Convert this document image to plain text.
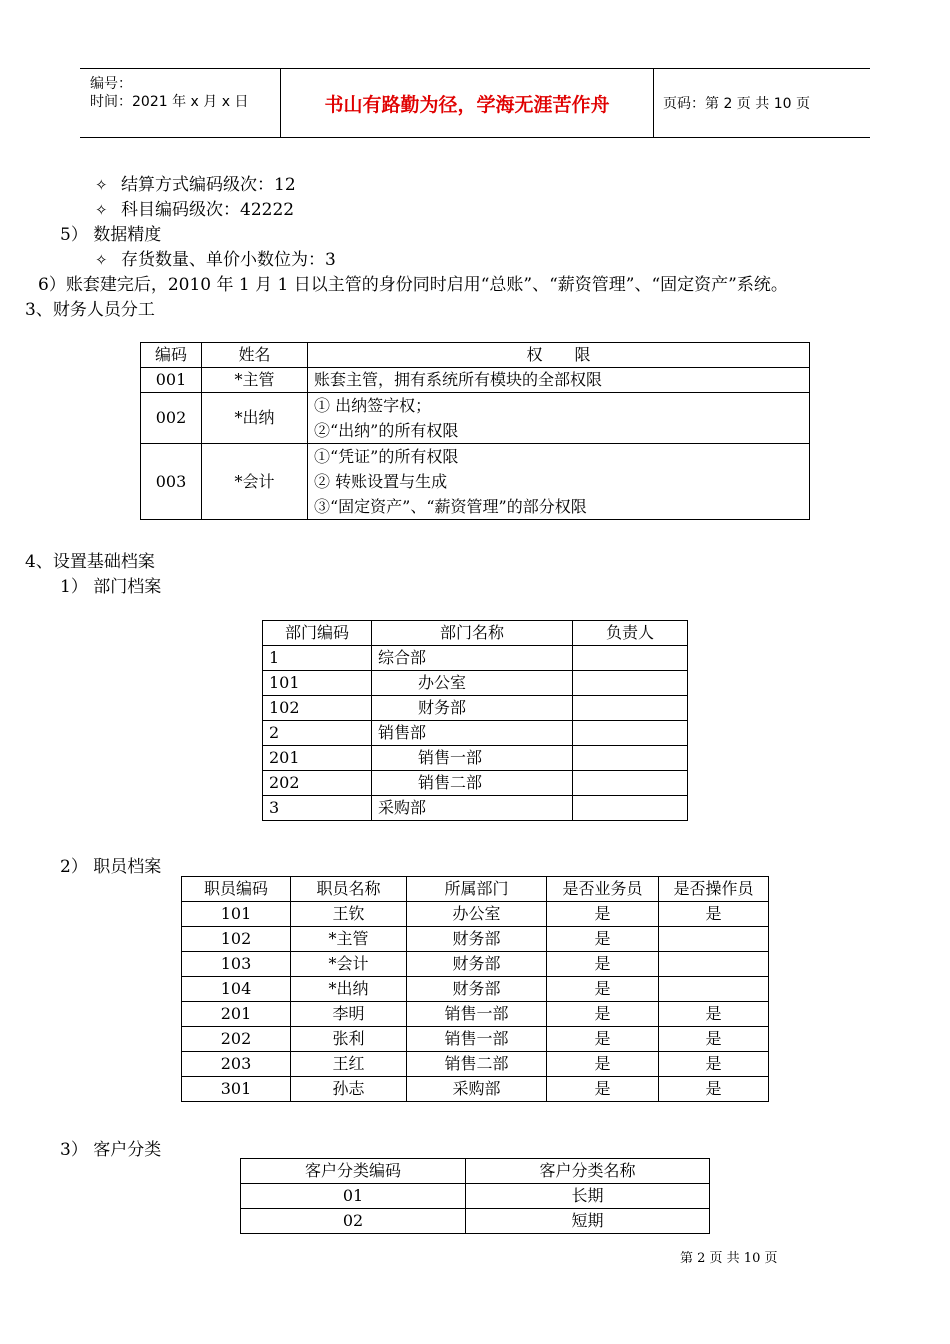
编号：
时间：2021 年 x 月 x 日	书山有路勤为径，学海无涯苦作舟	页码：第 2 页 共 10 页
✧ 结算方式编码级次：12
✧ 科目编码级次：42222
5） 数据精度
✧ 存货数量、单价小数位为：3
6）账套建完后，2010 年 1 月 1 日以主管的身份同时启用“总账”、“薪资管理”、“固定资产”系统。
3、财务人员分工
编码	姓名	权　　限
001	*主管	账套主管，拥有系统所有模块的全部权限
002	*出纳	① 出纳签字权；
②“出纳”的所有权限

003	*会计	①“凭证”的所有权限
② 转账设置与生成
③“固定资产”、“薪资管理”的部分权限
4、设置基础档案
1） 部门档案
部门编码	部门名称	负责人
1	综合部	
101	办公室	
102	财务部	
2	销售部	
201	销售一部	
202	销售二部	
3	采购部	
2） 职员档案
职员编码	职员名称	所属部门	是否业务员	是否操作员
101	王钦	办公室	是	是
102	*主管	财务部	是	
103	*会计	财务部	是	
104	*出纳	财务部	是	
201	李明	销售一部	是	是
202	张利	销售一部	是	是
203	王红	销售二部	是	是
301	孙志	采购部	是	是
3） 客户分类
客户分类编码	客户分类名称
01	长期
02	短期
第 2 页 共 10 页
